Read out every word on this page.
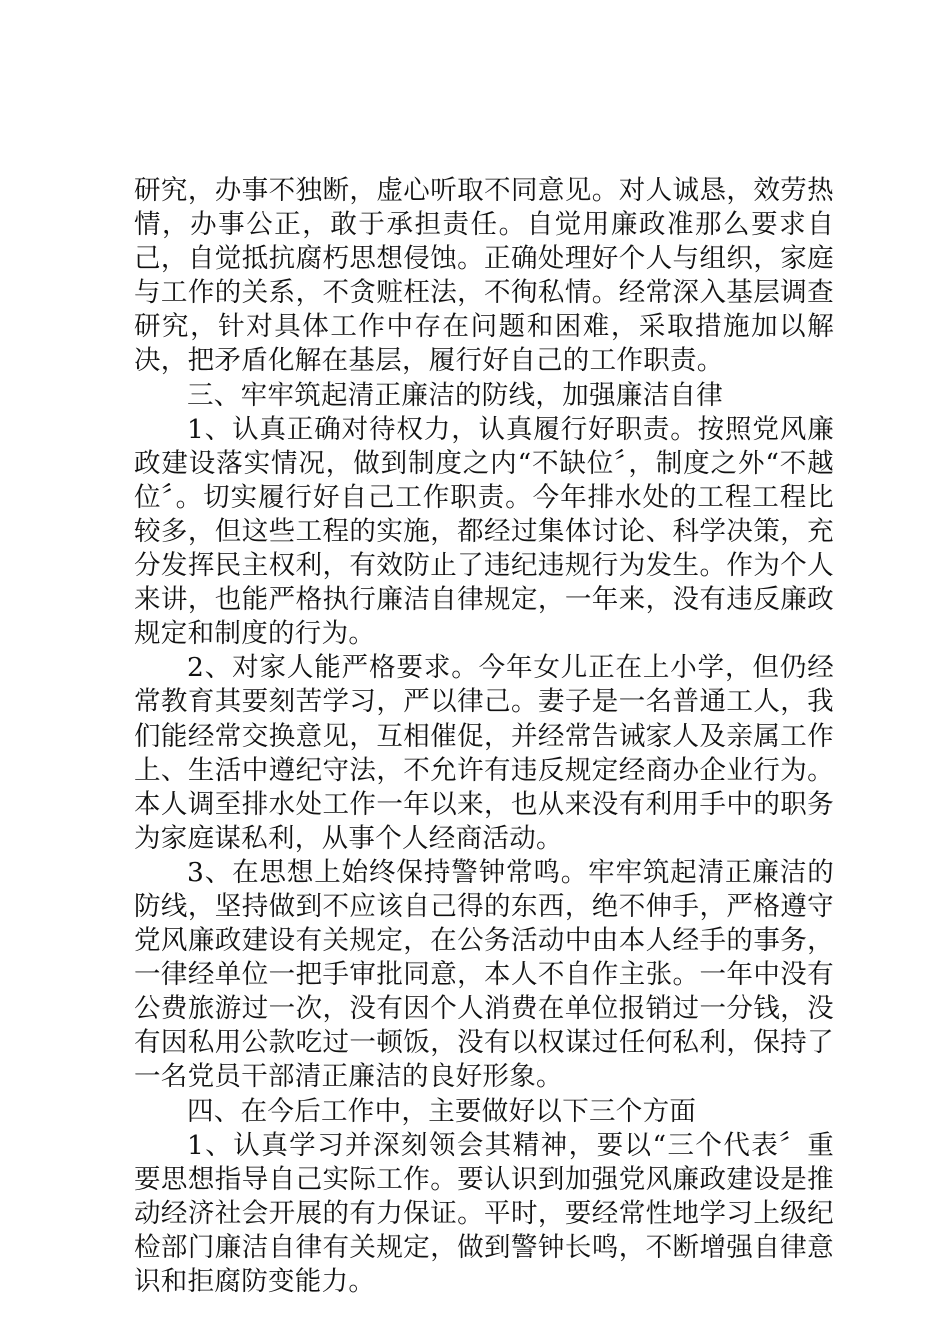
研究，办事不独断，虚心听取不同意见。对人诚恳，效劳热情，办事公正，敢于承担责任。自觉用廉政准那么要求自己，自觉抵抗腐朽思想侵蚀。正确处理好个人与组织，家庭与工作的关系，不贪赃枉法，不徇私情。经常深入基层调查研究，针对具体工作中存在问题和困难，采取措施加以解决，把矛盾化解在基层，履行好自己的工作职责。

三、牢牢筑起清正廉洁的防线，加强廉洁自律

1、认真正确对待权力，认真履行好职责。按照党风廉政建设落实情况，做到制度之内“不缺位〞，制度之外“不越位〞。切实履行好自己工作职责。今年排水处的工程工程比较多，但这些工程的实施，都经过集体讨论、科学决策，充分发挥民主权利，有效防止了违纪违规行为发生。作为个人来讲，也能严格执行廉洁自律规定，一年来，没有违反廉政规定和制度的行为。

2、对家人能严格要求。今年女儿正在上小学，但仍经常教育其要刻苦学习，严以律己。妻子是一名普通工人，我们能经常交换意见，互相催促，并经常告诫家人及亲属工作上、生活中遵纪守法，不允许有违反规定经商办企业行为。本人调至排水处工作一年以来，也从来没有利用手中的职务为家庭谋私利，从事个人经商活动。

3、在思想上始终保持警钟常鸣。牢牢筑起清正廉洁的防线，坚持做到不应该自己得的东西，绝不伸手，严格遵守党风廉政建设有关规定，在公务活动中由本人经手的事务，一律经单位一把手审批同意，本人不自作主张。一年中没有公费旅游过一次，没有因个人消费在单位报销过一分钱，没有因私用公款吃过一顿饭，没有以权谋过任何私利，保持了一名党员干部清正廉洁的良好形象。

四、在今后工作中，主要做好以下三个方面

1、认真学习并深刻领会其精神，要以“三个代表〞重要思想指导自己实际工作。要认识到加强党风廉政建设是推动经济社会开展的有力保证。平时，要经常性地学习上级纪检部门廉洁自律有关规定，做到警钟长鸣，不断增强自律意识和拒腐防变能力。
